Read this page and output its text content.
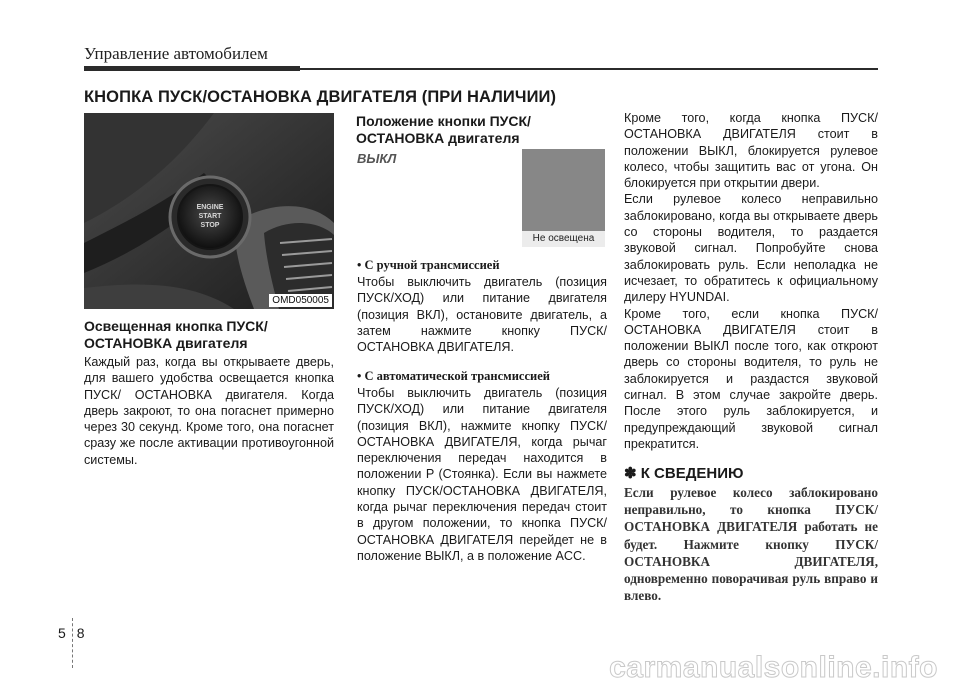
Управление автомобилем
КНОПКА ПУСК/ОСТАНОВКА ДВИГАТЕЛЯ (ПРИ НАЛИЧИИ)
ENGINE
START
STOP
OMD050005
Освещенная кнопка ПУСК/ ОСТАНОВКА двигателя

Каждый раз, когда вы открываете дверь, для вашего удобства освещается кнопка ПУСК/ ОСТАНОВКА двигателя. Когда дверь закроют, то она погаснет примерно через 30 секунд. Кроме того, она погаснет сразу же после активации противоугонной системы.

Положение кнопки ПУСК/ ОСТАНОВКА двигателя
ВЫКЛ
Не освещена
• С ручной трансмиссией

Чтобы выключить двигатель (позиция ПУСК/ХОД) или питание двигателя (позиция ВКЛ), остановите двигатель, а затем нажмите кнопку ПУСК/ ОСТАНОВКА ДВИГАТЕЛЯ.

• С автоматической трансмиссией

Чтобы выключить двигатель (позиция ПУСК/ХОД) или питание двигателя (позиция ВКЛ), нажмите кнопку ПУСК/ОСТАНОВКА ДВИГАТЕЛЯ, когда рычаг переключения передач находится в положении P (Стоянка). Если вы нажмете кнопку ПУСК/ОСТАНОВКА ДВИГАТЕЛЯ, когда рычаг переключения передач стоит в другом положении, то кнопка ПУСК/ОСТАНОВКА ДВИГАТЕЛЯ перейдет не в положение ВЫКЛ, а в положение ACC.

Кроме того, когда кнопка ПУСК/ОСТАНОВКА ДВИГАТЕЛЯ стоит в положении ВЫКЛ, блокируется рулевое колесо, чтобы защитить вас от угона. Он блокируется при открытии двери.

Если рулевое колесо неправильно заблокировано, когда вы открываете дверь со стороны водителя, то раздается звуковой сигнал. Попробуйте снова заблокировать руль. Если неполадка не исчезает, то обратитесь к официальному дилеру HYUNDAI.

Кроме того, если кнопка ПУСК/ОСТАНОВКА ДВИГАТЕЛЯ стоит в положении ВЫКЛ после того, как откроют дверь со стороны водителя, то руль не заблокируется и раздастся звуковой сигнал. В этом случае закройте дверь. После этого руль заблокируется, и предупреждающий звуковой сигнал прекратится.

✽ К СВЕДЕНИЮ
Если рулевое колесо заблокировано неправильно, то кнопка ПУСК/ОСТАНОВКА ДВИГАТЕЛЯ работать не будет. Нажмите кнопку ПУСК/ОСТАНОВКА ДВИГАТЕЛЯ, одновременно поворачивая руль вправо и влево.
58
carmanualsonline.info
